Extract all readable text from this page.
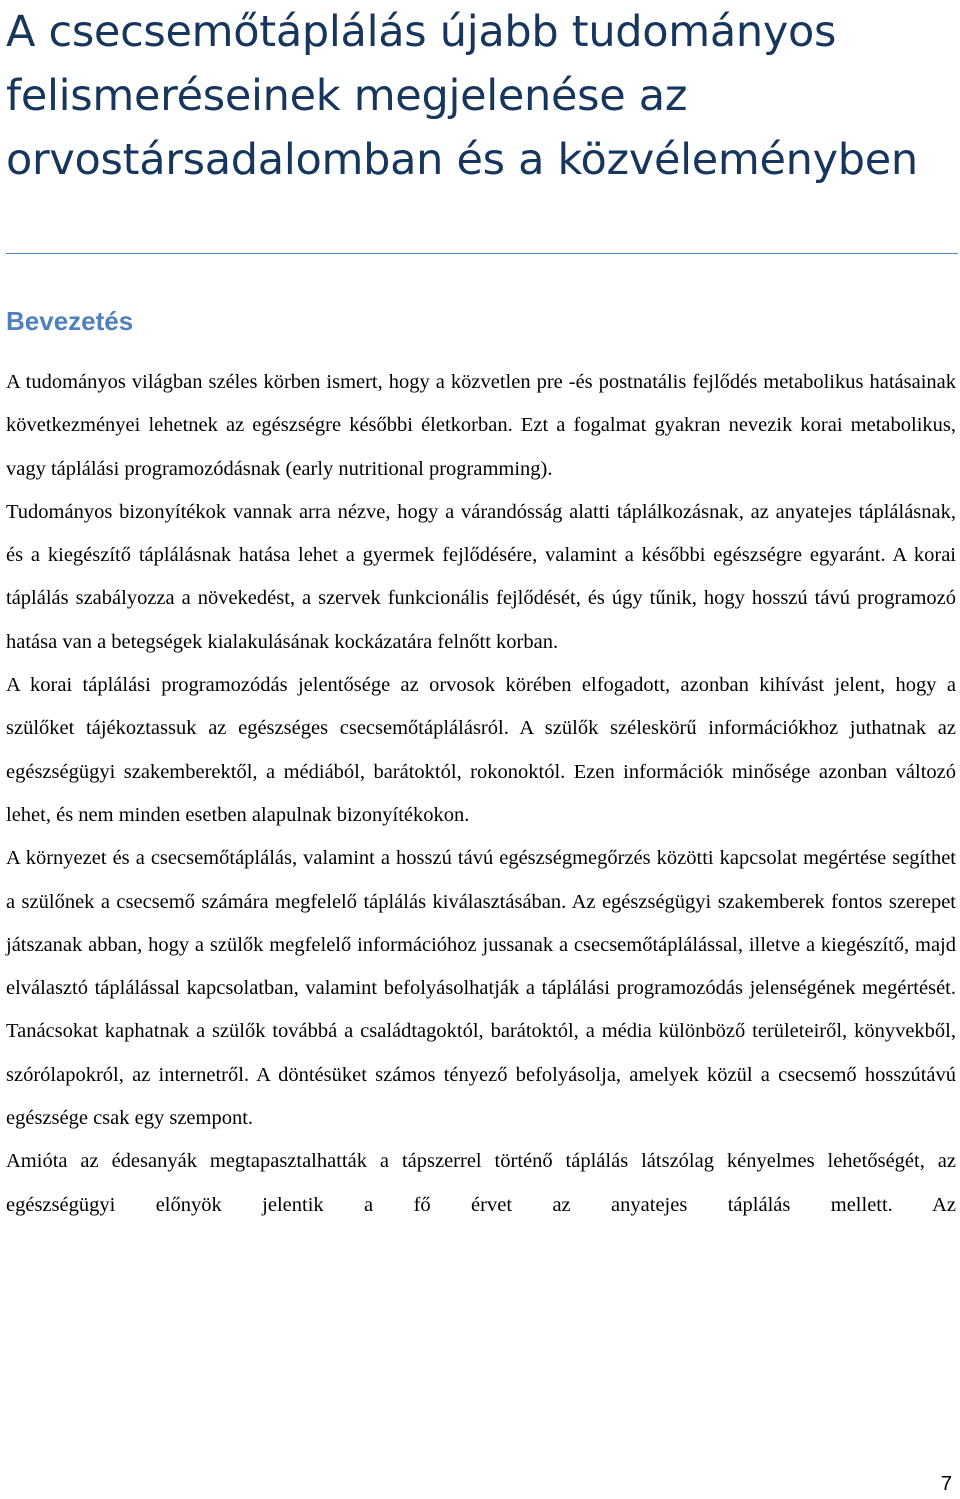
A csecsemőtáplálás újabb tudományos felismeréseinek megjelenése az orvostársadalomban és a közvéleményben
Bevezetés

A tudományos világban széles körben ismert, hogy a közvetlen pre -és postnatális fejlődés metabolikus hatásainak következményei lehetnek az egészségre későbbi életkorban. Ezt a fogalmat gyakran nevezik korai metabolikus, vagy táplálási programozódásnak (early nutritional programming).

Tudományos bizonyítékok vannak arra nézve, hogy a várandósság alatti táplálkozásnak, az anyatejes táplálásnak, és a kiegészítő táplálásnak hatása lehet a gyermek fejlődésére, valamint a későbbi egészségre egyaránt. A korai táplálás szabályozza a növekedést, a szervek funkcionális fejlődését, és úgy tűnik, hogy hosszú távú programozó hatása van a betegségek kialakulásának kockázatára felnőtt korban.

A korai táplálási programozódás jelentősége az orvosok körében elfogadott, azonban kihívást jelent, hogy a szülőket tájékoztassuk az egészséges csecsemőtáplálásról. A szülők széleskörű információkhoz juthatnak az egészségügyi szakemberektől, a médiából, barátoktól, rokonoktól. Ezen információk minősége azonban változó lehet, és nem minden esetben alapulnak bizonyítékokon.

A környezet és a csecsemőtáplálás, valamint a hosszú távú egészségmegőrzés közötti kapcsolat megértése segíthet a szülőnek a csecsemő számára megfelelő táplálás kiválasztásában. Az egészségügyi szakemberek fontos szerepet játszanak abban, hogy a szülők megfelelő információhoz jussanak a csecsemőtáplálással, illetve a kiegészítő, majd elválasztó táplálással kapcsolatban, valamint befolyásolhatják a táplálási programozódás jelenségének megértését. Tanácsokat kaphatnak a szülők továbbá a családtagoktól, barátoktól, a média különböző területeiről, könyvekből, szórólapokról, az internetről. A döntésüket számos tényező befolyásolja, amelyek közül a csecsemő hosszútávú egészsége csak egy szempont.

Amióta az édesanyák megtapasztalhatták a tápszerrel történő táplálás látszólag kényelmes lehetőségét, az egészségügyi előnyök jelentik a fő érvet az anyatejes táplálás mellett. Az

7
